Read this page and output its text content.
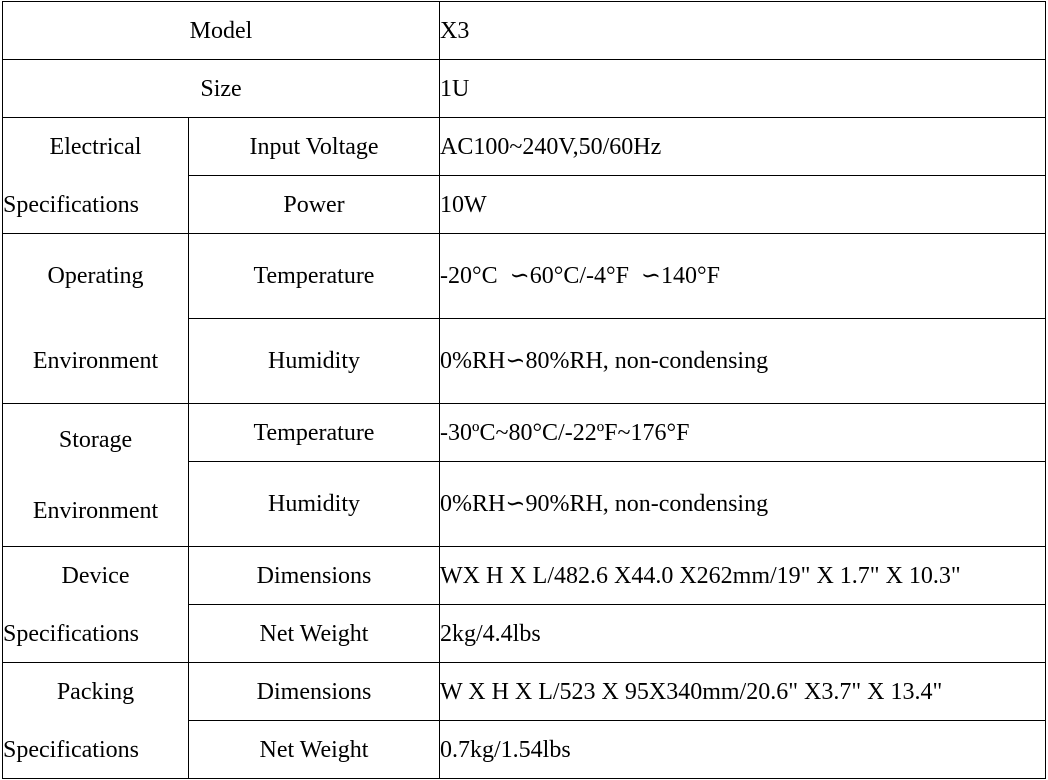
Model		X3
Size		1U

Electrical
Specifications	Input Voltage	AC100~240V,50/60Hz
	Power	10W

Operating
Environment	Temperature	-20°C  ∽60°C/-4°F  ∽140°F
	Humidity	0%RH∽80%RH, non-condensing

Storage
Environment	Temperature	-30ºC~80°C/-22ºF~176°F
	Humidity	0%RH∽90%RH, non-condensing

Device
Specifications	Dimensions	WX H X L/482.6 X44.0 X262mm/19" X 1.7" X 10.3"
	Net Weight	2kg/4.4lbs

Packing
Specifications	Dimensions	W X H X L/523 X 95X340mm/20.6" X3.7" X 13.4"
	Net Weight	0.7kg/1.54lbs
